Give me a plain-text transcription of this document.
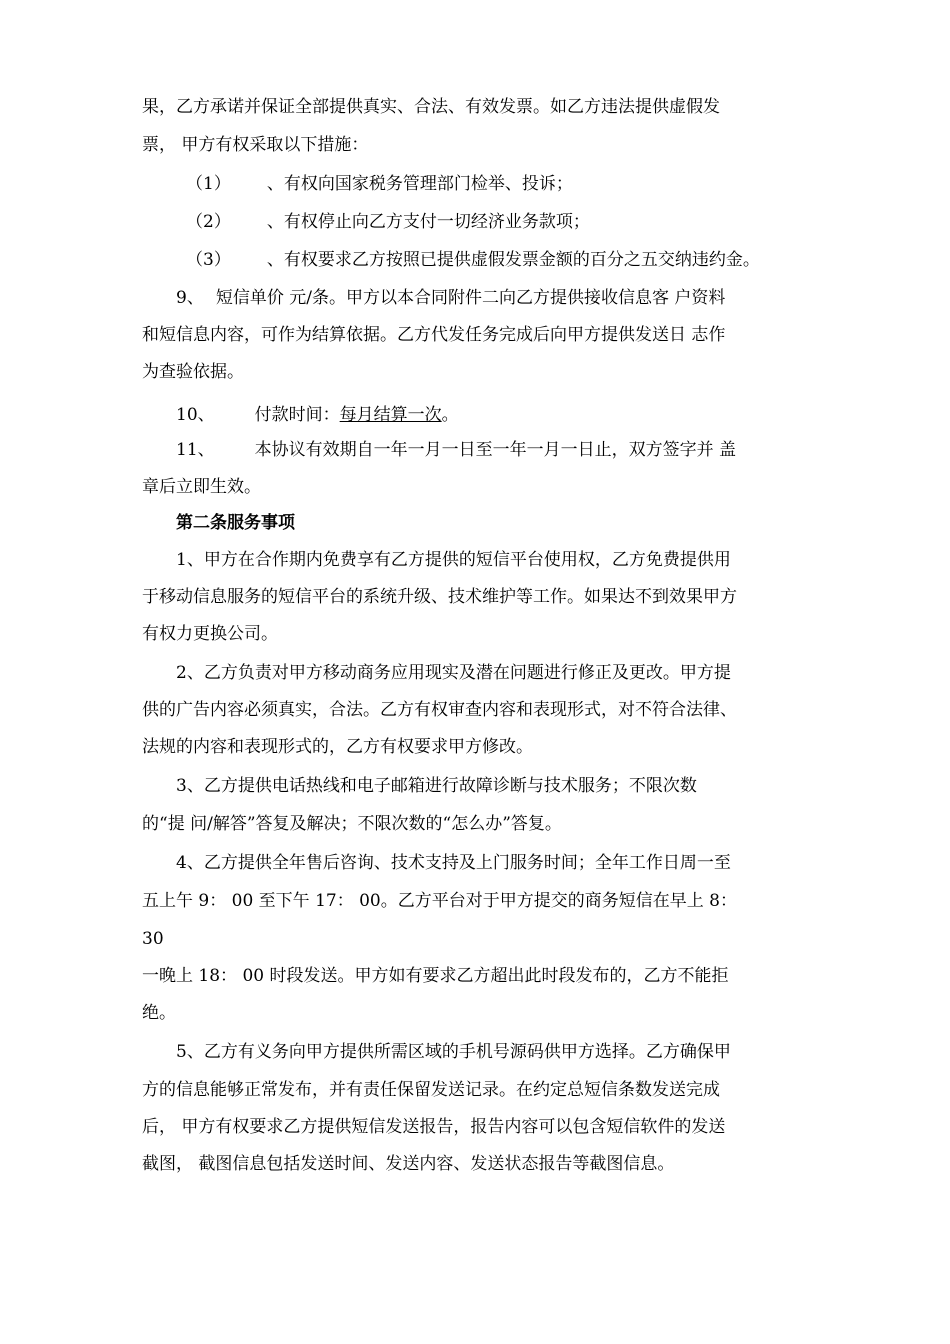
果，乙方承诺并保证全部提供真实、合法、有效发票。如乙方违法提供虚假发
票， 甲方有权采取以下措施：
（1） 、有权向国家税务管理部门检举、投诉；
（2） 、有权停止向乙方支付一切经济业务款项；
（3） 、有权要求乙方按照已提供虚假发票金额的百分之五交纳违约金。
9、 短信单价 元/条。甲方以本合同附件二向乙方提供接收信息客 户资料
和短信息内容，可作为结算依据。乙方代发任务完成后向甲方提供发送日 志作
为查验依据。
10、 付款时间：每月结算一次。
11、 本协议有效期自一年一月一日至一年一月一日止，双方签字并 盖
章后立即生效。
第二条服务事项
1、甲方在合作期内免费享有乙方提供的短信平台使用权，乙方免费提供用
于移动信息服务的短信平台的系统升级、技术维护等工作。如果达不到效果甲方
有权力更换公司。
2、乙方负责对甲方移动商务应用现实及潜在问题进行修正及更改。甲方提
供的广告内容必须真实，合法。乙方有权审查内容和表现形式，对不符合法律、
法规的内容和表现形式的，乙方有权要求甲方修改。
3、乙方提供电话热线和电子邮箱进行故障诊断与技术服务；不限次数
的“提 问/解答”答复及解决；不限次数的“怎么办”答复。
4、乙方提供全年售后咨询、技术支持及上门服务时间；全年工作日周一至
五上午 9： 00 至下午 17： 00。乙方平台对于甲方提交的商务短信在早上 8：
30
一晚上 18： 00 时段发送。甲方如有要求乙方超出此时段发布的，乙方不能拒
绝。
5、乙方有义务向甲方提供所需区域的手机号源码供甲方选择。乙方确保甲
方的信息能够正常发布，并有责任保留发送记录。在约定总短信条数发送完成
后， 甲方有权要求乙方提供短信发送报告，报告内容可以包含短信软件的发送
截图， 截图信息包括发送时间、发送内容、发送状态报告等截图信息。
